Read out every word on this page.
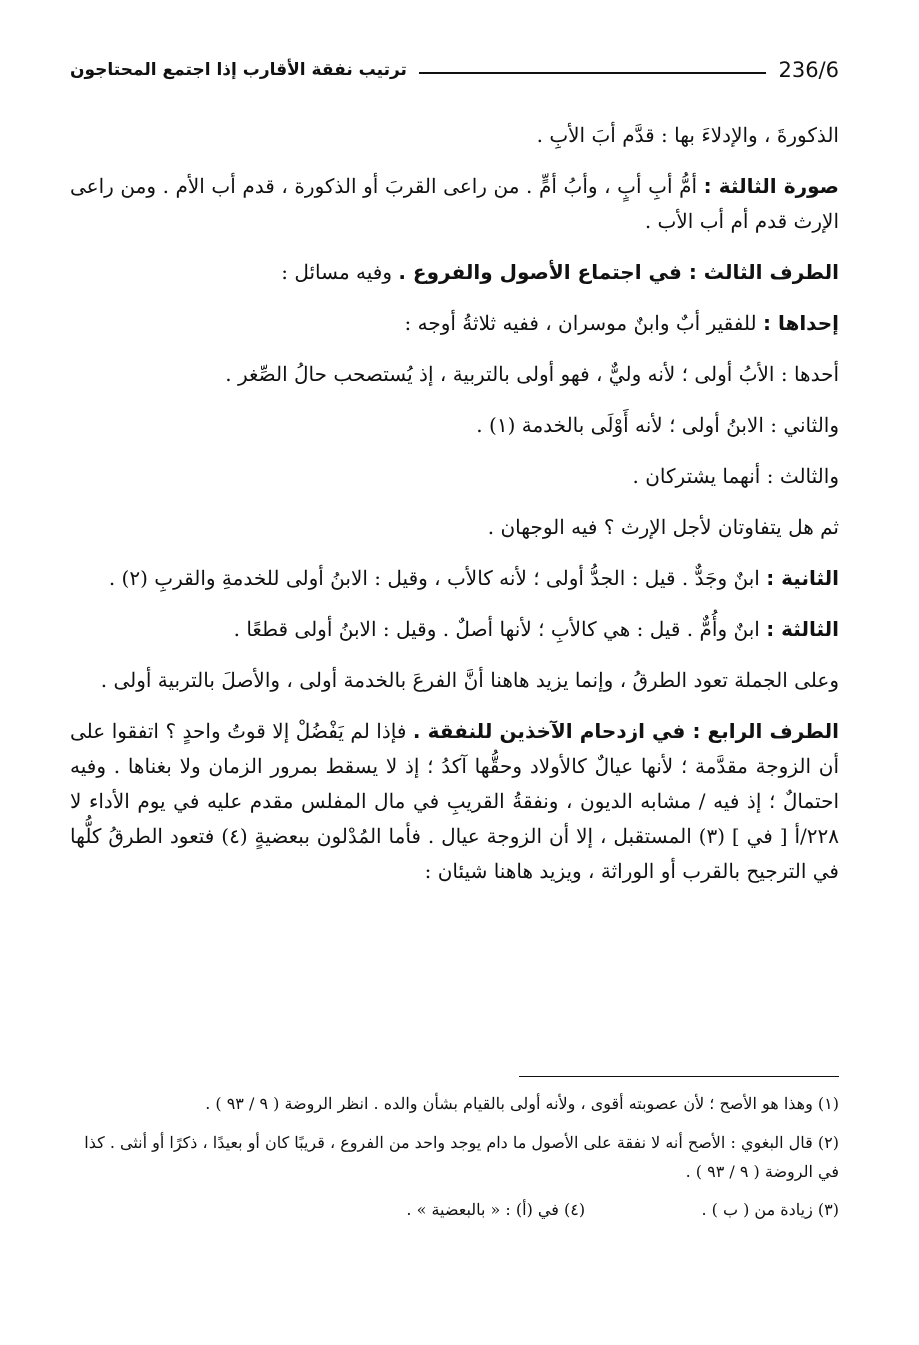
ترتيب نفقة الأقارب إذا اجتمع المحتاجون	236/6

الذكورةَ ، والإدلاءَ بها : قدَّم أبَ الأبِ .

صورة الثالثة : أمُّ أبِ أبٍ ، وأبُ أمٍّ . من راعى القربَ أو الذكورة ، قدم أب الأم . ومن راعى الإرث قدم أم أب الأب .

الطرف الثالث : في اجتماع الأصول والفروع . وفيه مسائل :

إحداها : للفقير أبٌ وابنٌ موسران ، ففيه ثلاثةُ أوجه :

أحدها : الأبُ أولى ؛ لأنه وليٌّ ، فهو أولى بالتربية ، إذ يُستصحب حالُ الصِّغر .

والثاني : الابنُ أولى ؛ لأنه أَوْلَى بالخدمة (١) .

والثالث : أنهما يشتركان .

ثم هل يتفاوتان لأجل الإرث ؟ فيه الوجهان .

الثانية : ابنٌ وجَدٌّ . قيل : الجدُّ أولى ؛ لأنه كالأب ، وقيل : الابنُ أولى للخدمةِ والقربِ (٢) .

الثالثة : ابنٌ وأُمٌّ . قيل : هي كالأبِ ؛ لأنها أصلٌ . وقيل : الابنُ أولى قطعًا .

وعلى الجملة تعود الطرقُ ، وإنما يزيد هاهنا أنَّ الفرعَ بالخدمة أولى ، والأصلَ بالتربية أولى .

الطرف الرابع : في ازدحام الآخذين للنفقة . فإذا لم يَفْضُلْ إلا قوتُ واحدٍ ؟ اتفقوا على أن الزوجة مقدَّمة ؛ لأنها عيالٌ كالأولاد وحقُّها آكدُ ؛ إذ لا يسقط بمرور الزمان ولا بغناها . وفيه احتمالٌ ؛ إذ فيه / مشابه الديون ، ونفقةُ القريبِ في مال المفلس مقدم عليه في يوم الأداء لا ٢٢٨/أ [ في ] (٣) المستقبل ، إلا أن الزوجة عيال . فأما المُدْلون ببعضيةٍ (٤) فتعود الطرقُ كلُّها في الترجيح بالقرب أو الوراثة ، ويزيد هاهنا شيئان :

(١) وهذا هو الأصح ؛ لأن عصوبته أقوى ، ولأنه أولى بالقيام بشأن والده . انظر الروضة ( ٩ / ٩٣ ) .

(٢) قال البغوي : الأصح أنه لا نفقة على الأصول ما دام يوجد واحد من الفروع ، قريبًا كان أو بعيدًا ، ذكرًا أو أنثى . كذا في الروضة ( ٩ / ٩٣ ) .

(٣) زيادة من ( ب ) .
(٤) في (أ) : « بالبعضية » .
